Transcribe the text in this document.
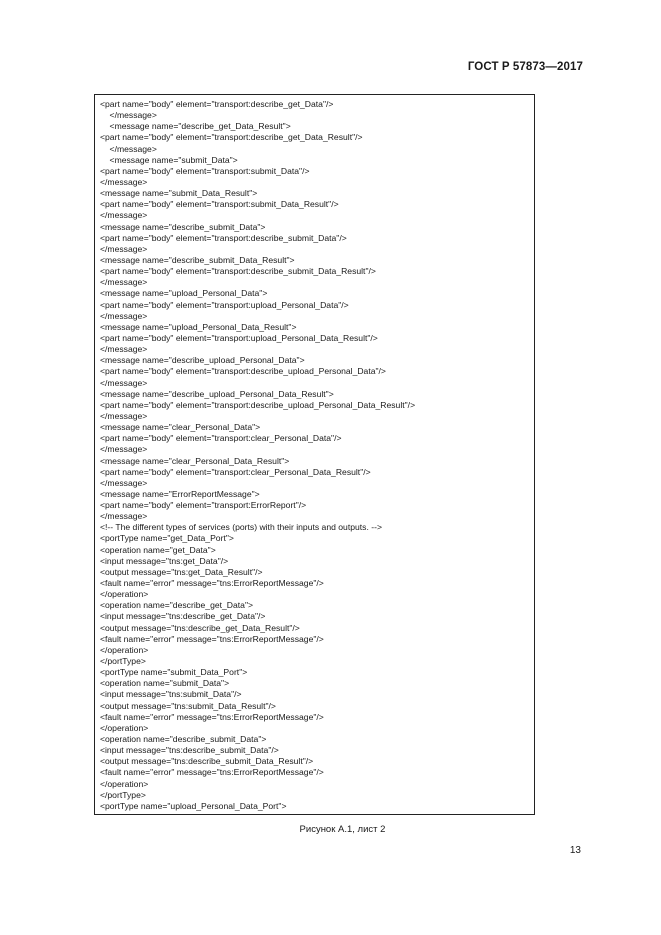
ГОСТ Р 57873—2017
<part name="body" element="transport:describe_get_Data"/>
</message>
<message name="describe_get_Data_Result">
<part name="body" element="transport:describe_get_Data_Result"/>
</message>
<message name="submit_Data">
<part name="body" element="transport:submit_Data"/>
</message>
<message name="submit_Data_Result">
<part name="body" element="transport:submit_Data_Result"/>
</message>
<message name="describe_submit_Data">
<part name="body" element="transport:describe_submit_Data"/>
</message>
<message name="describe_submit_Data_Result">
<part name="body" element="transport:describe_submit_Data_Result"/>
</message>
<message name="upload_Personal_Data">
<part name="body" element="transport:upload_Personal_Data"/>
</message>
<message name="upload_Personal_Data_Result">
<part name="body" element="transport:upload_Personal_Data_Result"/>
</message>
<message name="describe_upload_Personal_Data">
<part name="body" element="transport:describe_upload_Personal_Data"/>
</message>
<message name="describe_upload_Personal_Data_Result">
<part name="body" element="transport:describe_upload_Personal_Data_Result"/>
</message>
<message name="clear_Personal_Data">
<part name="body" element="transport:clear_Personal_Data"/>
</message>
<message name="clear_Personal_Data_Result">
<part name="body" element="transport:clear_Personal_Data_Result"/>
</message>
<message name="ErrorReportMessage">
<part name="body" element="transport:ErrorReport"/>
</message>
<!-- The different types of services (ports) with their inputs and outputs. -->
<portType name="get_Data_Port">
<operation name="get_Data">
<input message="tns:get_Data"/>
<output message="tns:get_Data_Result"/>
<fault name="error" message="tns:ErrorReportMessage"/>
</operation>
<operation name="describe_get_Data">
<input message="tns:describe_get_Data"/>
<output message="tns:describe_get_Data_Result"/>
<fault name="error" message="tns:ErrorReportMessage"/>
</operation>
</portType>
<portType name="submit_Data_Port">
<operation name="submit_Data">
<input message="tns:submit_Data"/>
<output message="tns:submit_Data_Result"/>
<fault name="error" message="tns:ErrorReportMessage"/>
</operation>
<operation name="describe_submit_Data">
<input message="tns:describe_submit_Data"/>
<output message="tns:describe_submit_Data_Result"/>
<fault name="error" message="tns:ErrorReportMessage"/>
</operation>
</portType>
<portType name="upload_Personal_Data_Port">
Рисунок А.1, лист 2
13
